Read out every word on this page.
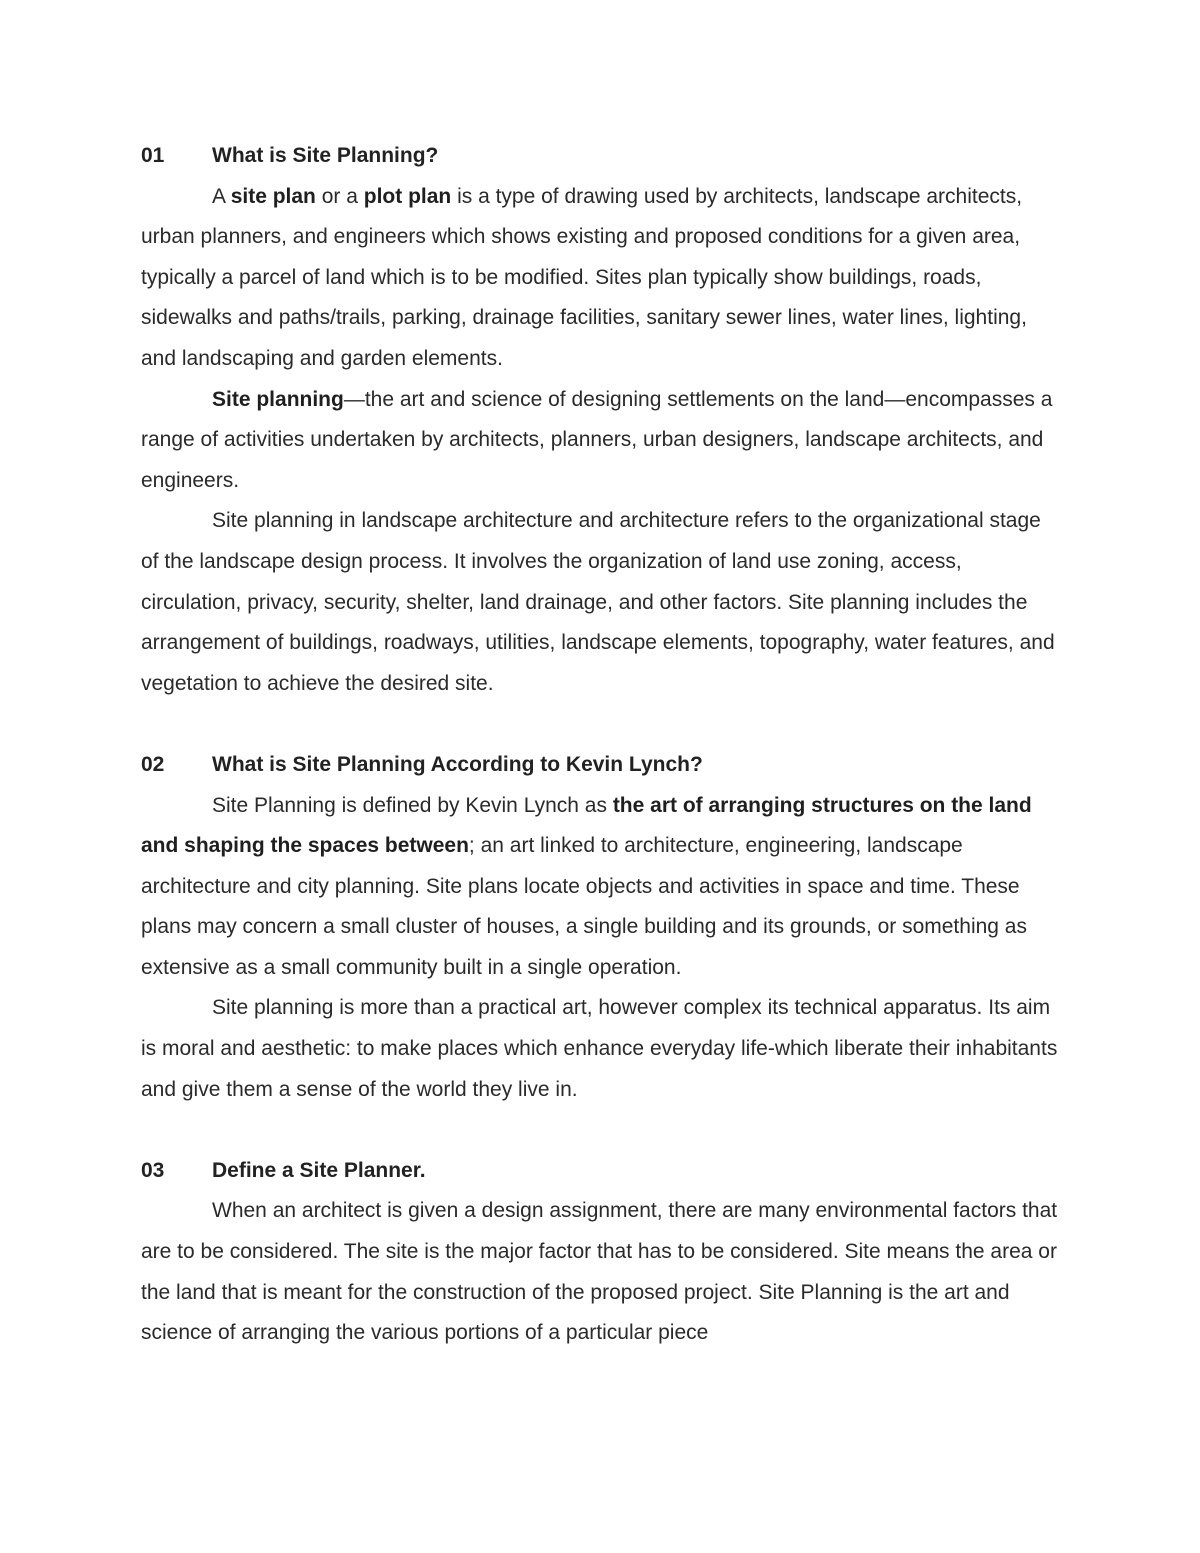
01	What is Site Planning?

A site plan or a plot plan is a type of drawing used by architects, landscape architects, urban planners, and engineers which shows existing and proposed conditions for a given area, typically a parcel of land which is to be modified. Sites plan typically show buildings, roads, sidewalks and paths/trails, parking, drainage facilities, sanitary sewer lines, water lines, lighting, and landscaping and garden elements.

Site planning—the art and science of designing settlements on the land—encompasses a range of activities undertaken by architects, planners, urban designers, landscape architects, and engineers.

Site planning in landscape architecture and architecture refers to the organizational stage of the landscape design process. It involves the organization of land use zoning, access, circulation, privacy, security, shelter, land drainage, and other factors. Site planning includes the arrangement of buildings, roadways, utilities, landscape elements, topography, water features, and vegetation to achieve the desired site.

02	What is Site Planning According to Kevin Lynch?

Site Planning is defined by Kevin Lynch as the art of arranging structures on the land and shaping the spaces between; an art linked to architecture, engineering, landscape architecture and city planning. Site plans locate objects and activities in space and time. These plans may concern a small cluster of houses, a single building and its grounds, or something as extensive as a small community built in a single operation.

Site planning is more than a practical art, however complex its technical apparatus. Its aim is moral and aesthetic: to make places which enhance everyday life-which liberate their inhabitants and give them a sense of the world they live in.

03	Define a Site Planner.

When an architect is given a design assignment, there are many environmental factors that are to be considered. The site is the major factor that has to be considered. Site means the area or the land that is meant for the construction of the proposed project. Site Planning is the art and science of arranging the various portions of a particular piece
